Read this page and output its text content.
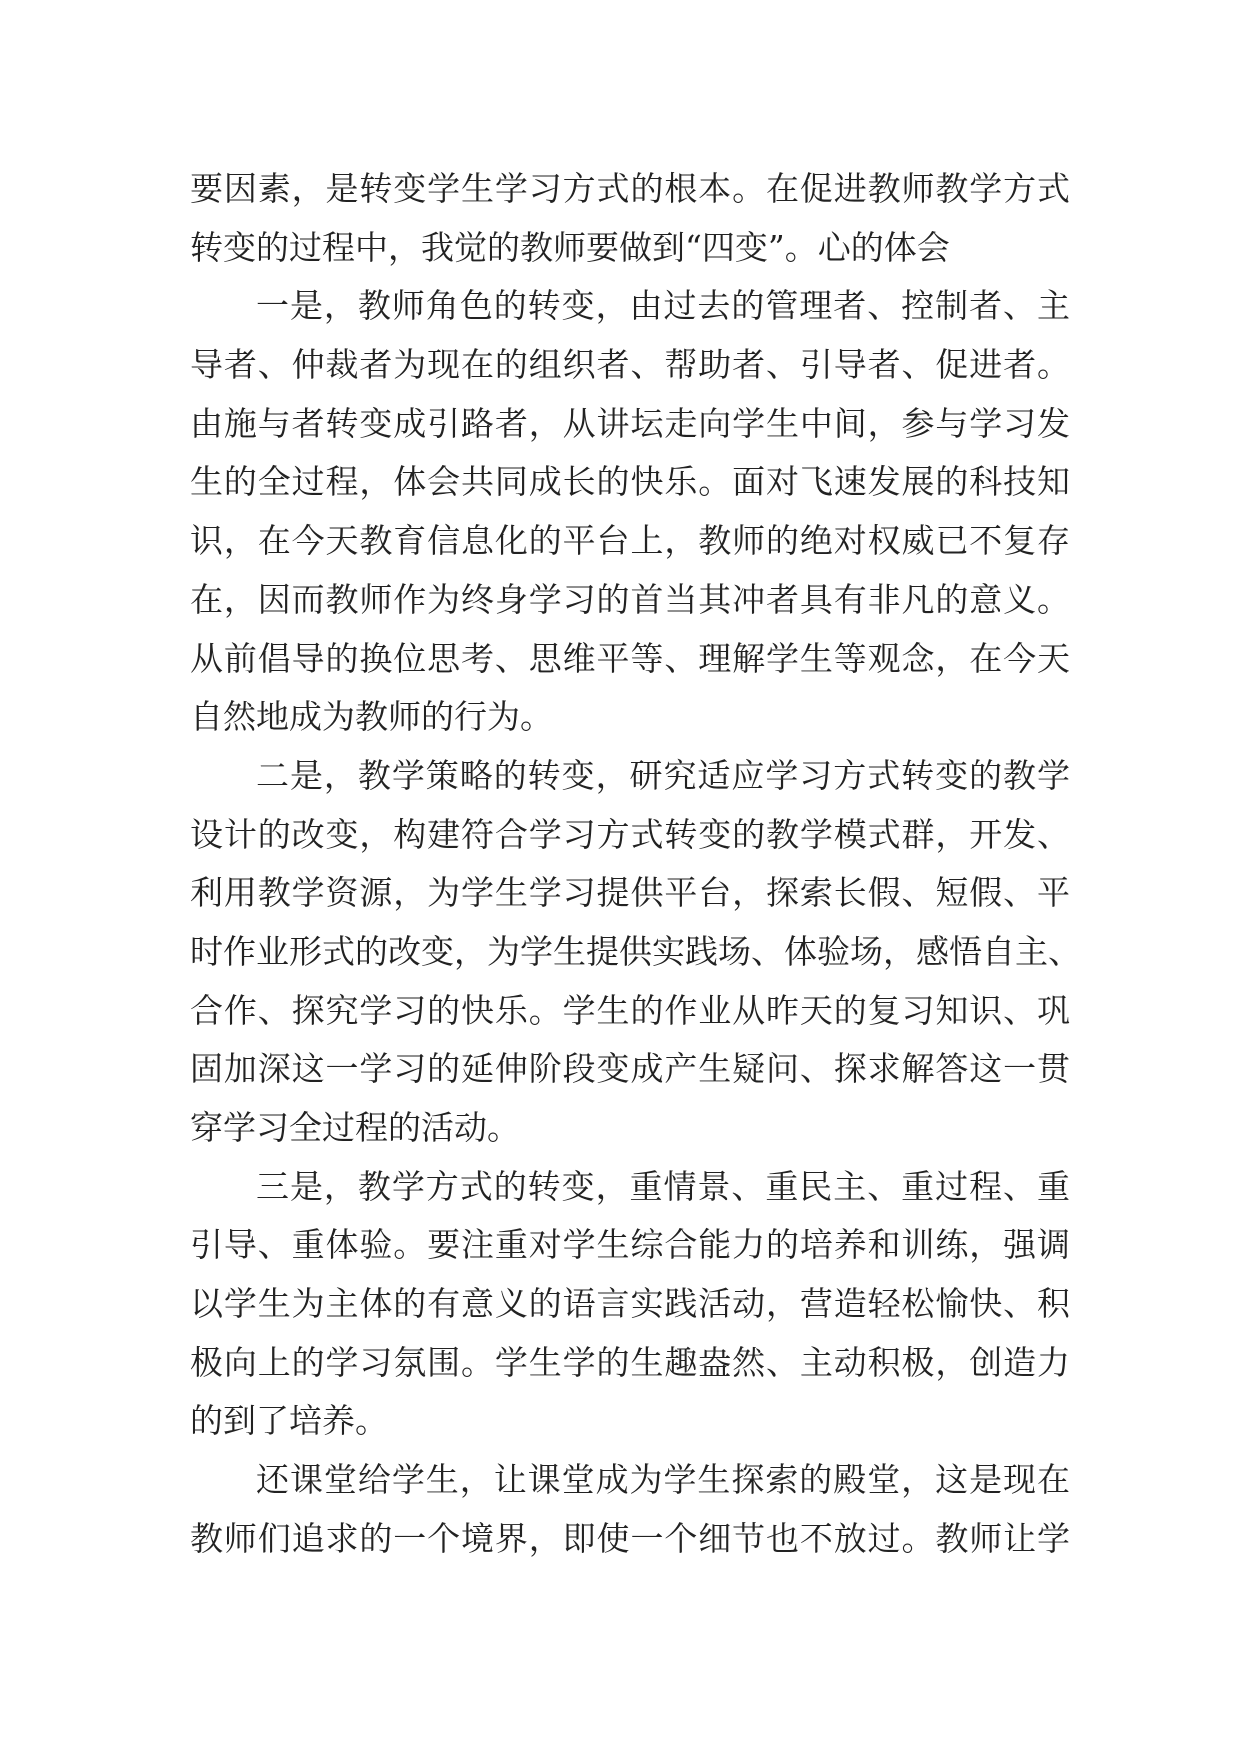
要因素，是转变学生学习方式的根本。在促进教师教学方式
转变的过程中，我觉的教师要做到“四变”。心的体会
一是，教师角色的转变，由过去的管理者、控制者、主
导者、仲裁者为现在的组织者、帮助者、引导者、促进者。
由施与者转变成引路者，从讲坛走向学生中间，参与学习发
生的全过程，体会共同成长的快乐。面对飞速发展的科技知
识，在今天教育信息化的平台上，教师的绝对权威已不复存
在，因而教师作为终身学习的首当其冲者具有非凡的意义。
从前倡导的换位思考、思维平等、理解学生等观念，在今天
自然地成为教师的行为。
二是，教学策略的转变，研究适应学习方式转变的教学
设计的改变，构建符合学习方式转变的教学模式群，开发、
利用教学资源，为学生学习提供平台，探索长假、短假、平
时作业形式的改变，为学生提供实践场、体验场，感悟自主、
合作、探究学习的快乐。学生的作业从昨天的复习知识、巩
固加深这一学习的延伸阶段变成产生疑问、探求解答这一贯
穿学习全过程的活动。
三是，教学方式的转变，重情景、重民主、重过程、重
引导、重体验。要注重对学生综合能力的培养和训练，强调
以学生为主体的有意义的语言实践活动，营造轻松愉快、积
极向上的学习氛围。学生学的生趣盎然、主动积极，创造力
的到了培养。
还课堂给学生，让课堂成为学生探索的殿堂，这是现在
教师们追求的一个境界，即使一个细节也不放过。教师让学
